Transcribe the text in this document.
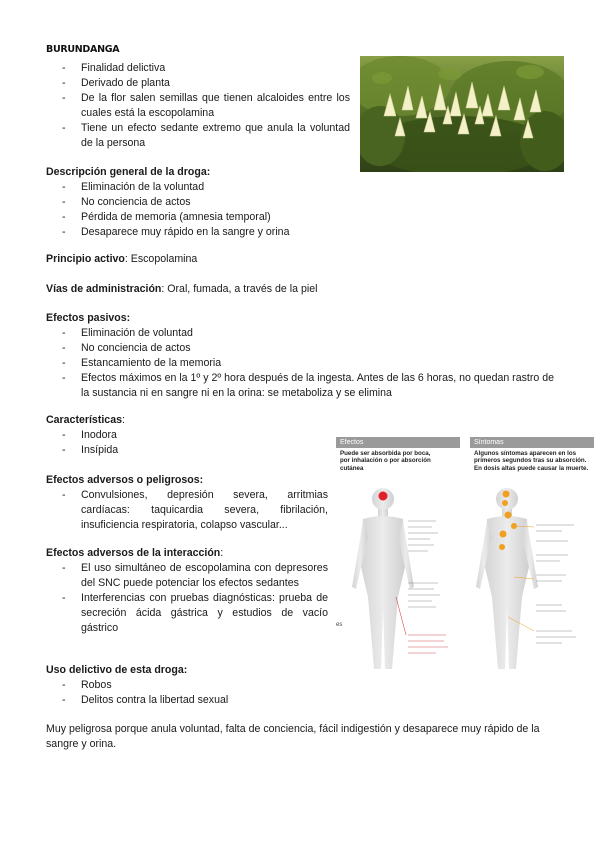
BURUNDANGA
- Finalidad delictiva
- Derivado de planta
- De la flor salen semillas que tienen alcaloides entre los cuales está la escopolamina
- Tiene un efecto sedante extremo que anula la voluntad de la persona
Descripción general de la droga:
- Eliminación de la voluntad
- No conciencia de actos
- Pérdida de memoria (amnesia temporal)
- Desaparece muy rápido en la sangre y orina
Principio activo: Escopolamina
Vías de administración: Oral, fumada, a través de la piel
Efectos pasivos:
- Eliminación de voluntad
- No conciencia de actos
- Estancamiento de la memoria
- Efectos máximos en la 1º y 2º hora después de la ingesta. Antes de las 6 horas, no quedan rastro de la sustancia ni en sangre ni en la orina: se metaboliza y se elimina
Características:
- Inodora
- Insípida
Efectos adversos o peligrosos:
- Convulsiones, depresión severa, arritmias cardíacas: taquicardia severa, fibrilación, insuficiencia respiratoria, colapso vascular...
Efectos adversos de la interacción:
- El uso simultáneo de escopolamina con depresores del SNC puede potenciar los efectos sedantes
- Interferencias con pruebas diagnósticas: prueba de secreción ácida gástrica y estudios de vacío gástrico
Uso delictivo de esta droga:
- Robos
- Delitos contra la libertad sexual
Muy peligrosa porque anula voluntad, falta de conciencia, fácil indigestión y desaparece muy rápido de la sangre y orina.
Efectos	Síntomas
Puede ser absorbida por boca, por inhalación o por absorción cutánea
Algunos síntomas aparecen en los primeros segundos tras su absorción. En dosis altas puede causar la muerte.
es
